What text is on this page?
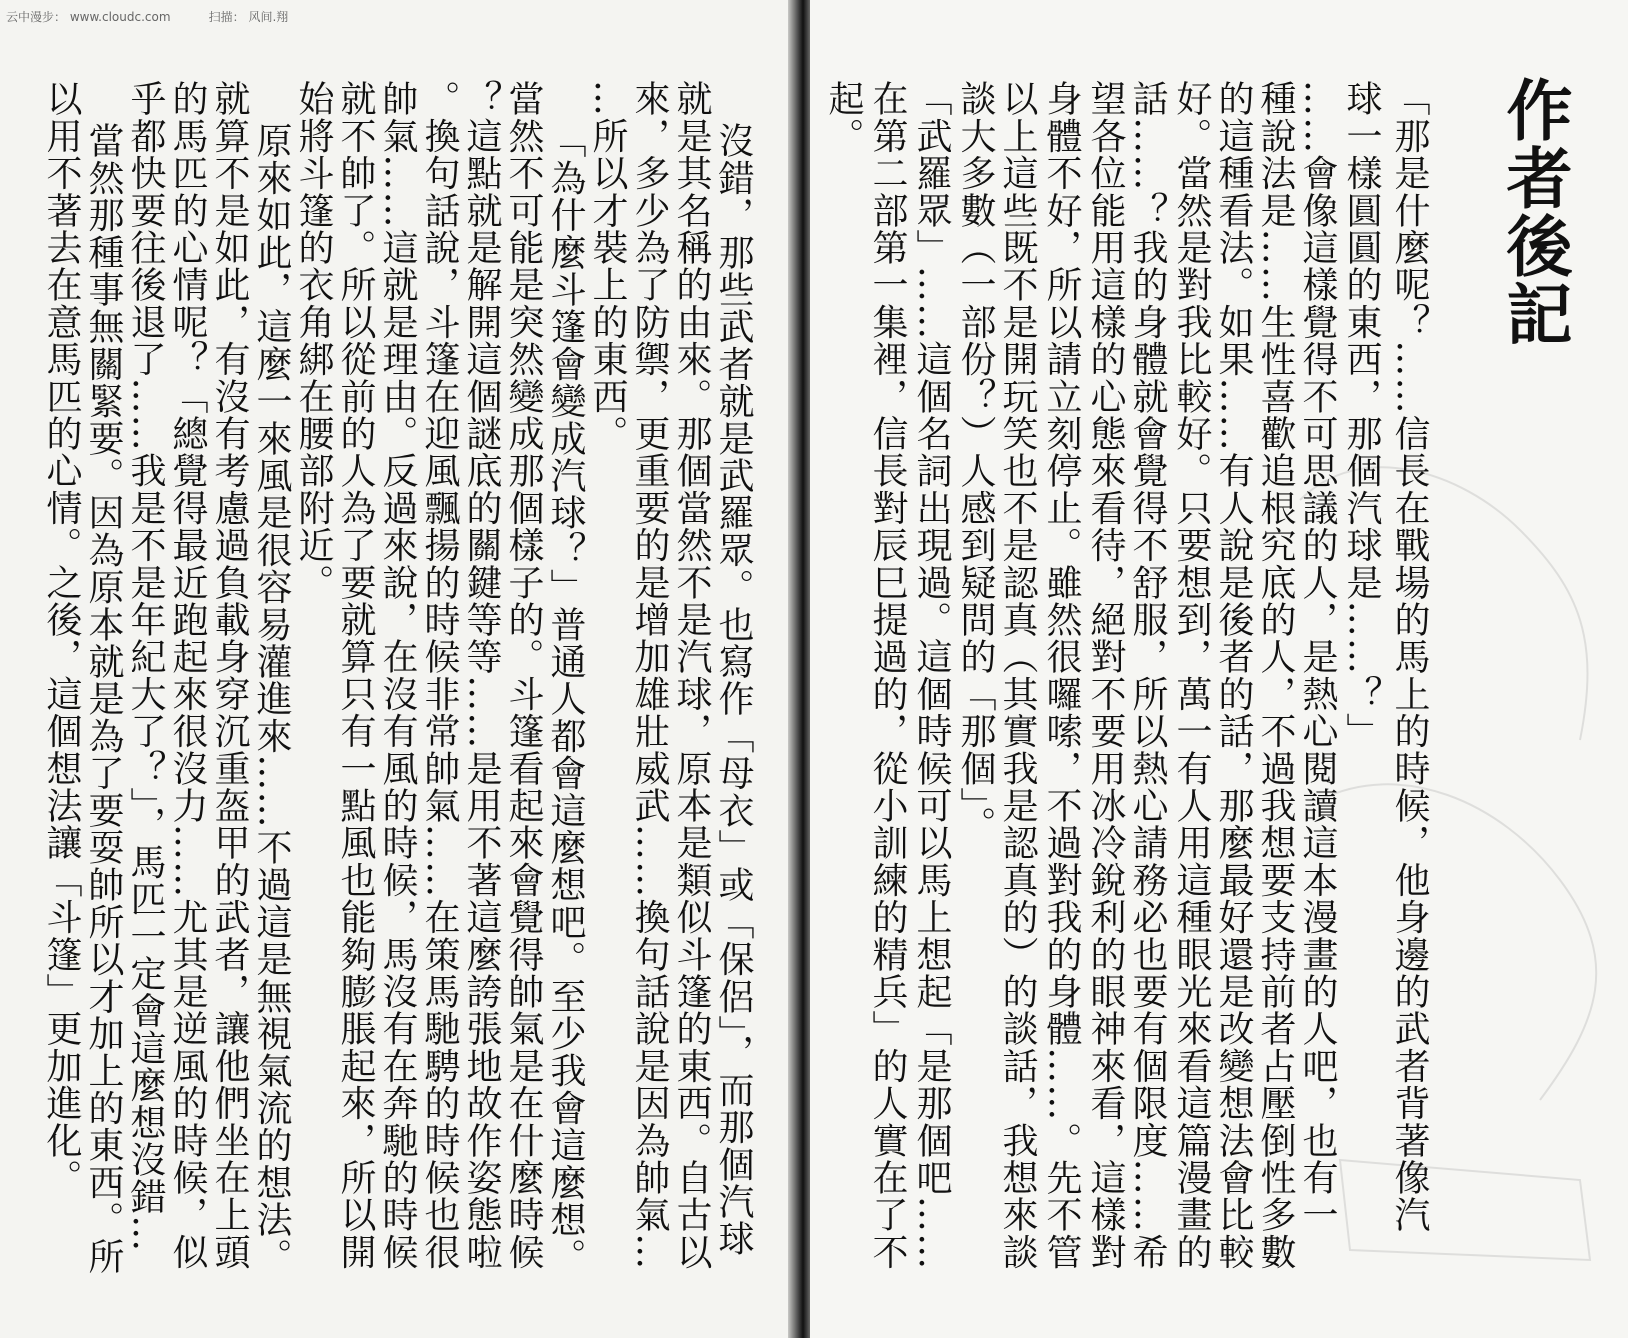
云中漫步： www.cloudc.com          扫描： 风间.翔
沒錯，那些武者就是武羅眾。也寫作「母衣」或「保侶」，而那個汽球
就是其名稱的由來。那個當然不是汽球，原本是類似斗篷的東西。自古以
來，多少為了防禦，更重要的是增加雄壯威武……換句話說是因為帥氣…
…所以才裝上的東西。
「為什麼斗篷會變成汽球？」普通人都會這麼想吧。至少我會這麼想。
當然不可能是突然變成那個樣子的。斗篷看起來會覺得帥氣是在什麼時候
？這點就是解開這個謎底的關鍵等等……是用不著這麼誇張地故作姿態啦
。換句話說，斗篷在迎風飄揚的時候非常帥氣……在策馬馳騁的時候也很
帥氣……這就是理由。反過來說，在沒有風的時候，馬沒有在奔馳的時候
就不帥了。所以從前的人為了要就算只有一點風也能夠膨脹起來，所以開
始將斗篷的衣角綁在腰部附近。
原來如此，這麼一來風是很容易灌進來……不過這是無視氣流的想法。
就算不是如此，有沒有考慮過負載身穿沉重盔甲的武者，讓他們坐在上頭
的馬匹的心情呢？「總覺得最近跑起來很沒力……尤其是逆風的時候，似
乎都快要往後退了……我是不是年紀大了？」，馬匹一定會這麼想沒錯…
當然那種事無關緊要。因為原本就是為了要耍帥所以才加上的東西。所
以用不著去在意馬匹的心情。之後，這個想法讓「斗篷」更加進化。	「那是什麼呢？……信長在戰場的馬上的時候，他身邊的武者背著像汽
球一樣圓圓的東西，那個汽球是……？」
……會像這樣覺得不可思議的人，是熱心閱讀這本漫畫的人吧，也有一
種說法是……生性喜歡追根究底的人，不過我想要支持前者占壓倒性多數
的這種看法。如果……有人說是後者的話，那麼最好還是改變想法會比較
好。當然是對我比較好。只要想到，萬一有人用這種眼光來看這篇漫畫的
話……？我的身體就會覺得不舒服，所以熱心請務必也要有個限度……希
望各位能用這樣的心態來看待，絕對不要用冰冷銳利的眼神來看，這樣對
身體不好，所以請立刻停止。雖然很囉嗦，不過對我的身體……。先不管
以上這些既不是開玩笑也不是認真（其實我是認真的）的談話，我想來談
談大多數（一部份？）人感到疑問的「那個」。
「武羅眾」……這個名詞出現過。這個時候可以馬上想起「是那個吧……
在第二部第一集裡，信長對辰巳提過的，從小訓練的精兵」的人實在了不
起。	作者後記
